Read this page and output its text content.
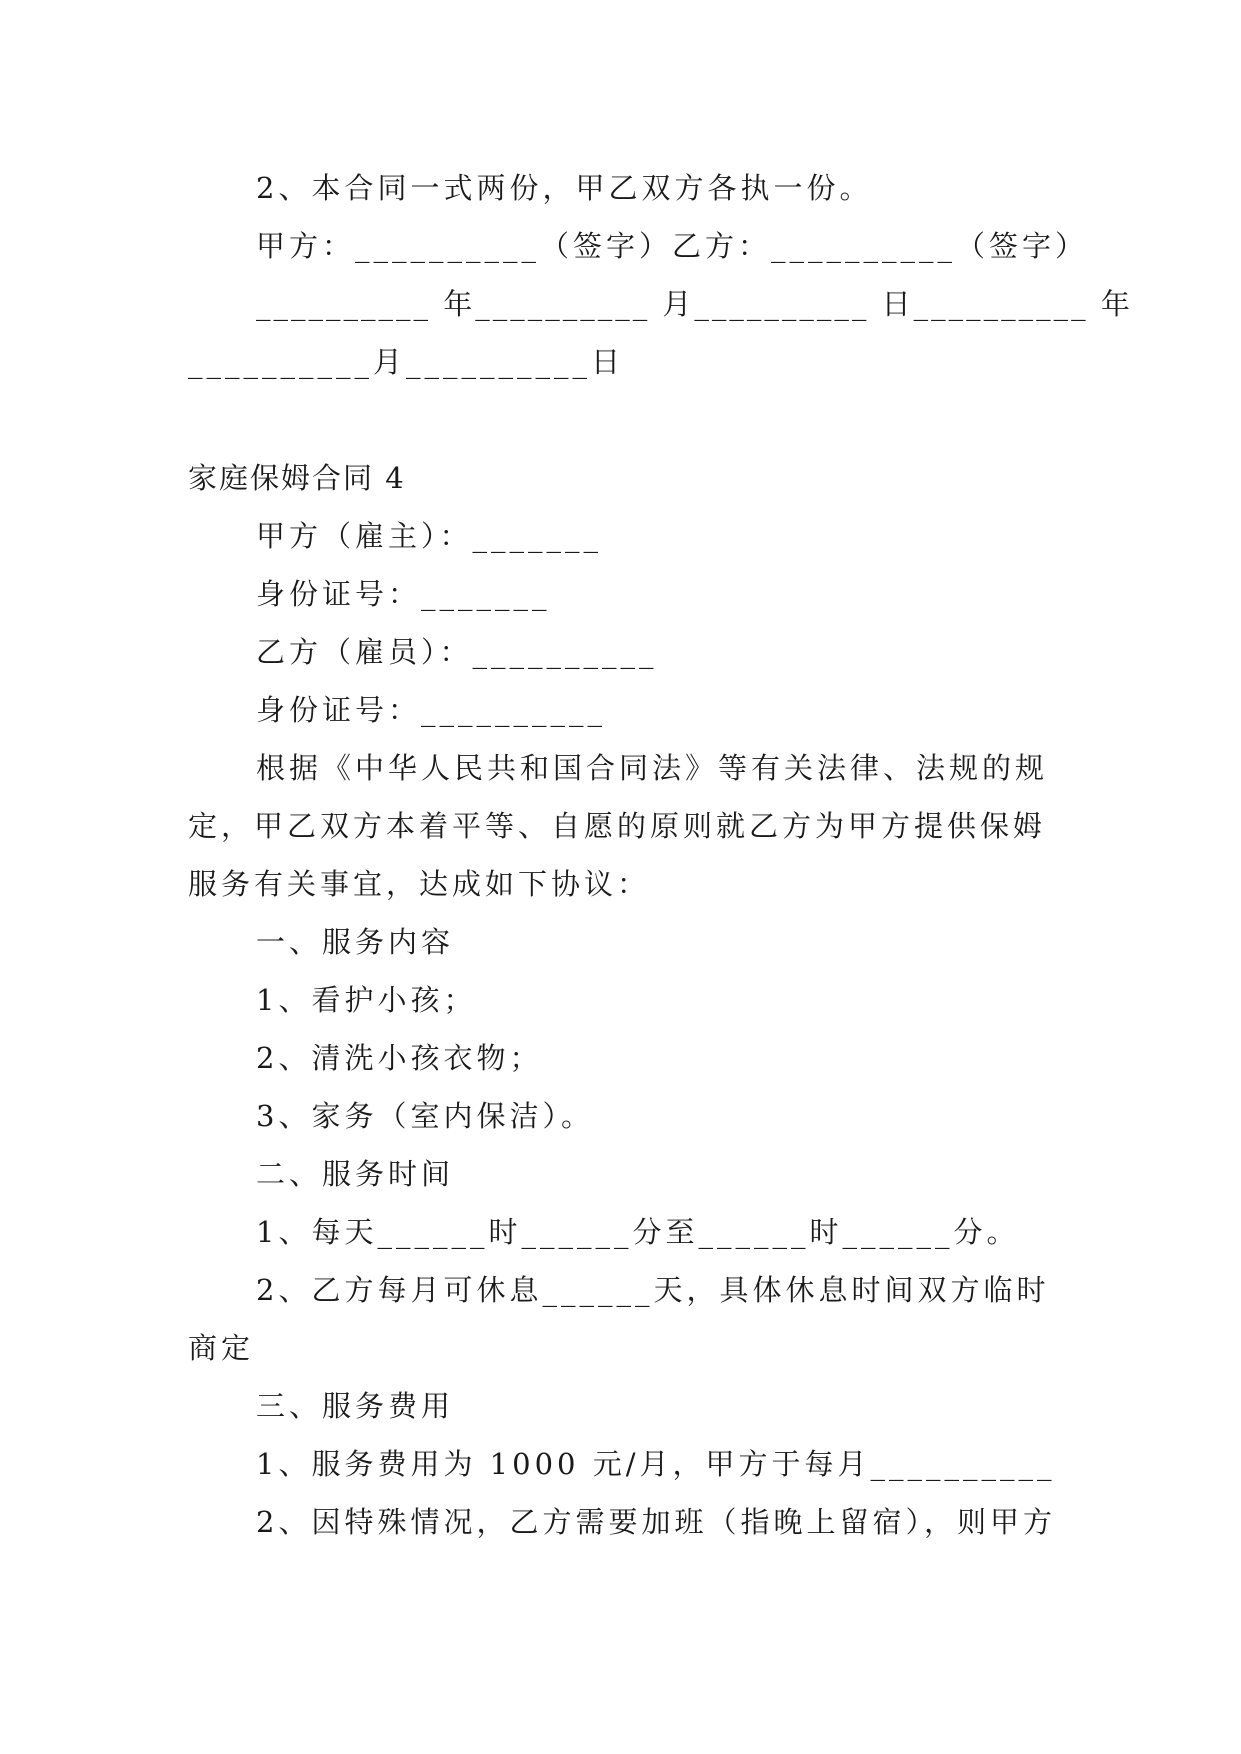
2、本合同一式两份，甲乙双方各执一份。
甲方：__________（签字）乙方：__________（签字）
__________ 年__________ 月__________ 日__________ 年
__________月__________日
家庭保姆合同 4
甲方（雇主）：_______
身份证号：_______
乙方（雇员）：__________
身份证号：__________
根据《中华人民共和国合同法》等有关法律、法规的规
定，甲乙双方本着平等、自愿的原则就乙方为甲方提供保姆
服务有关事宜，达成如下协议：
一、服务内容
1、看护小孩；
2、清洗小孩衣物；
3、家务（室内保洁）。
二、服务时间
1、每天______时______分至______时______分。
2、乙方每月可休息______天，具体休息时间双方临时
商定
三、服务费用
1、服务费用为 1000 元/月，甲方于每月__________
2、因特殊情况，乙方需要加班（指晚上留宿），则甲方
